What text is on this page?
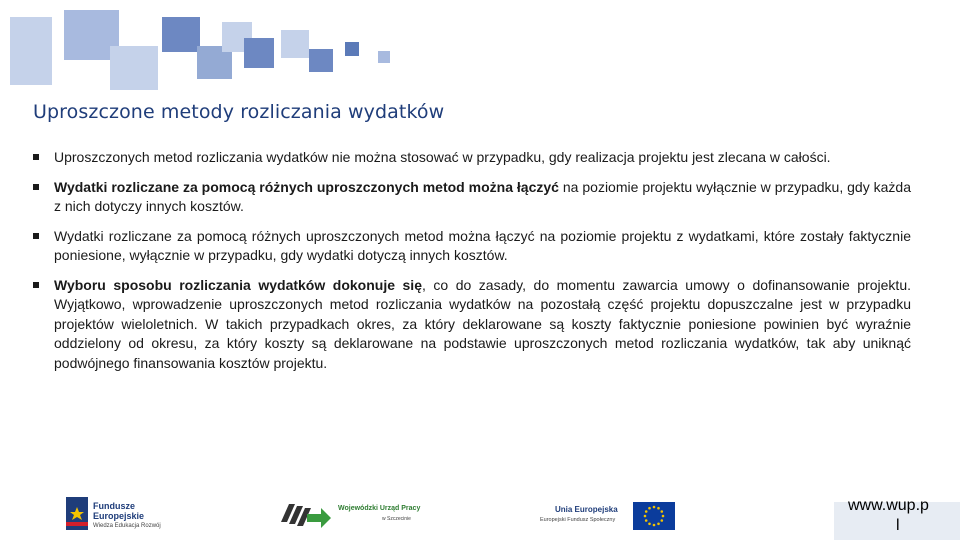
Uproszczone metody rozliczania wydatków
Uproszczonych metod rozliczania wydatków nie można stosować w przypadku, gdy realizacja projektu jest zlecana w całości.
Wydatki rozliczane za pomocą różnych uproszczonych metod można łączyć na poziomie projektu wyłącznie w przypadku, gdy każda z nich dotyczy innych kosztów.
Wydatki rozliczane za pomocą różnych uproszczonych metod można łączyć na poziomie projektu z wydatkami, które zostały faktycznie poniesione, wyłącznie w przypadku, gdy wydatki dotyczą innych kosztów.
Wyboru sposobu rozliczania wydatków dokonuje się, co do zasady, do momentu zawarcia umowy o dofinansowanie projektu. Wyjątkowo, wprowadzenie uproszczonych metod rozliczania wydatków na pozostałą część projektu dopuszczalne jest w przypadku projektów wieloletnich. W takich przypadkach okres, za który deklarowane są koszty faktycznie poniesione powinien być wyraźnie oddzielony od okresu, za który koszty są deklarowane na podstawie uproszczonych metod rozliczania wydatków, tak aby uniknąć podwójnego finansowania kosztów projektu.
Fundusze
Europejskie
Wiedza Edukacja Rozwój
Wojewódzki Urząd Pracy
w Szczecinie
Unia Europejska
Europejski Fundusz Społeczny
www.wup.p
l
